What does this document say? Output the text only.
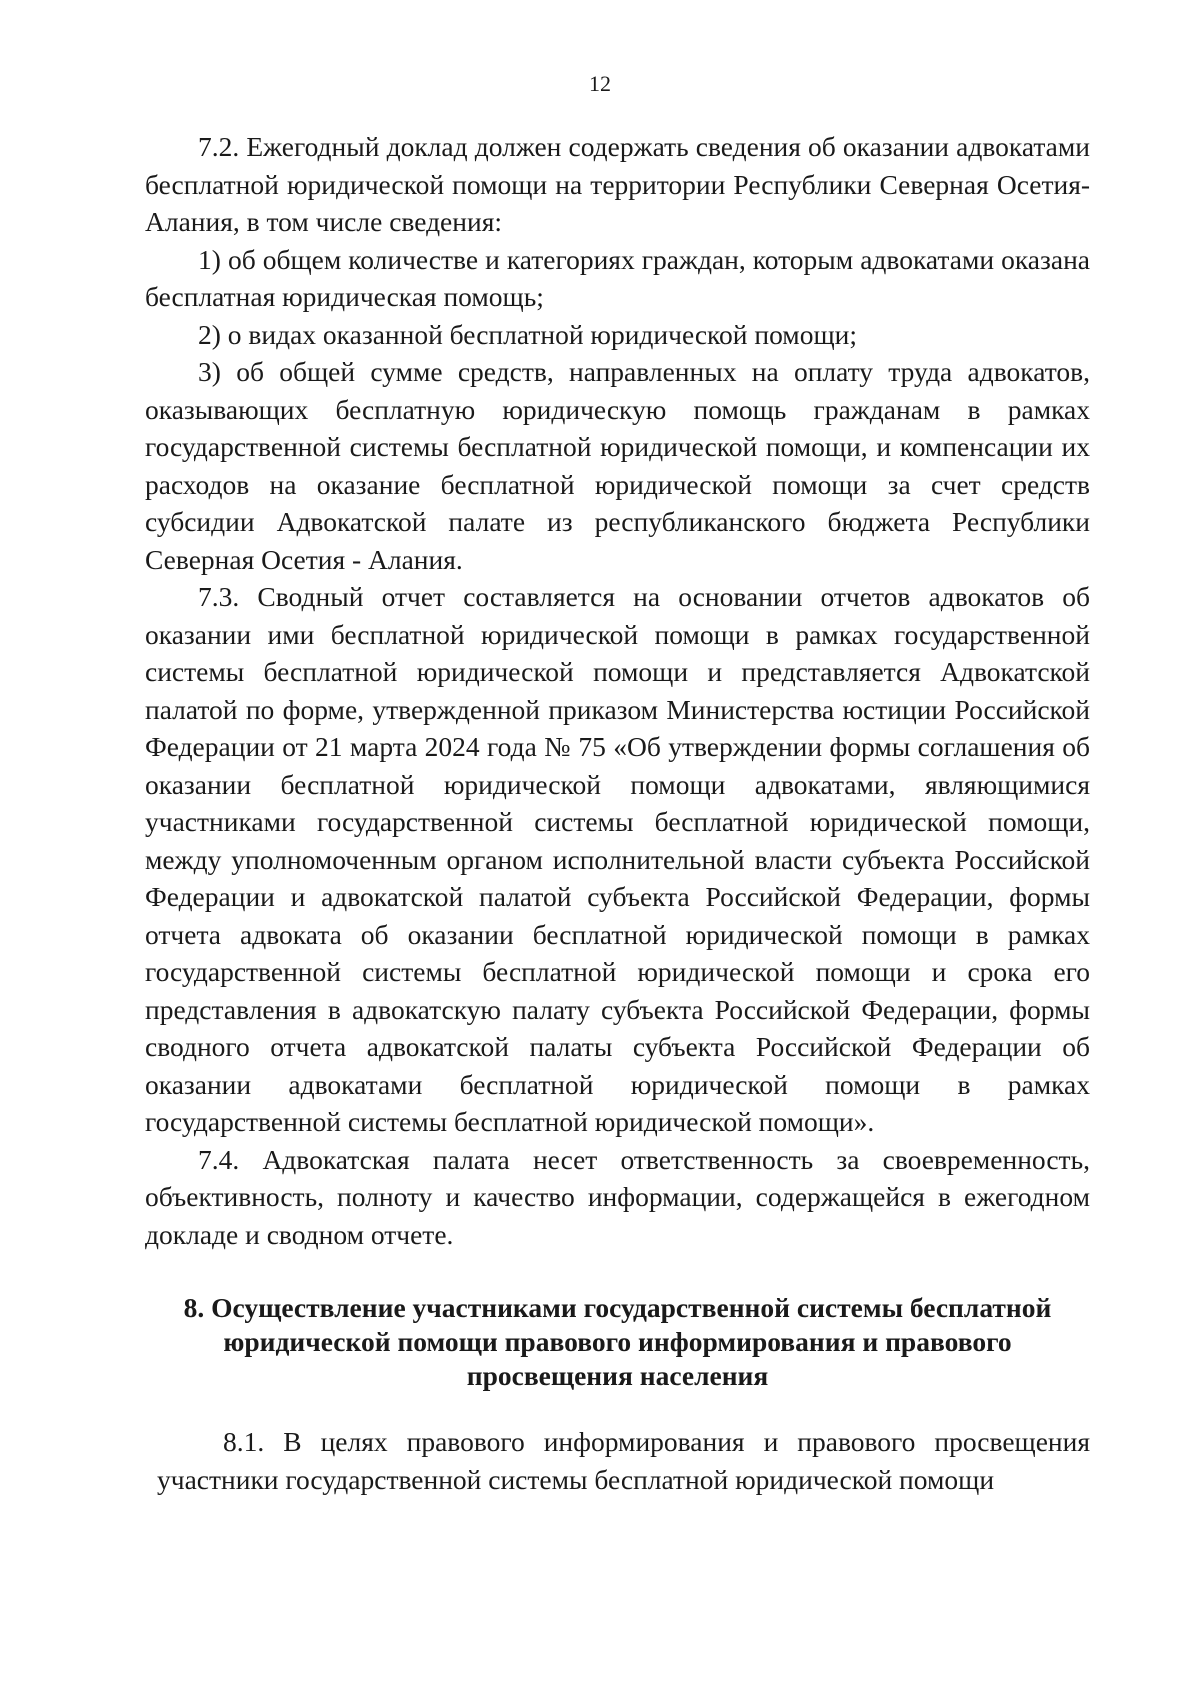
12

7.2. Ежегодный доклад должен содержать сведения об оказании адвокатами бесплатной юридической помощи на территории Республики Северная Осетия-Алания, в том числе сведения:

1) об общем количестве и категориях граждан, которым адвокатами оказана бесплатная юридическая помощь;

2) о видах оказанной бесплатной юридической помощи;

3) об общей сумме средств, направленных на оплату труда адвокатов, оказывающих бесплатную юридическую помощь гражданам в рамках государственной системы бесплатной юридической помощи, и компенсации их расходов на оказание бесплатной юридической помощи за счет средств субсидии Адвокатской палате из республиканского бюджета Республики Северная Осетия - Алания.

7.3. Сводный отчет составляется на основании отчетов адвокатов об оказании ими бесплатной юридической помощи в рамках государственной системы бесплатной юридической помощи и представляется Адвокатской палатой по форме, утвержденной приказом Министерства юстиции Российской Федерации от 21 марта 2024 года № 75 «Об утверждении формы соглашения об оказании бесплатной юридической помощи адвокатами, являющимися участниками государственной системы бесплатной юридической помощи, между уполномоченным органом исполнительной власти субъекта Российской Федерации и адвокатской палатой субъекта Российской Федерации, формы отчета адвоката об оказании бесплатной юридической помощи в рамках государственной системы бесплатной юридической помощи и срока его представления в адвокатскую палату субъекта Российской Федерации, формы сводного отчета адвокатской палаты субъекта Российской Федерации об оказании адвокатами бесплатной юридической помощи в рамках государственной системы бесплатной юридической помощи».

7.4. Адвокатская палата несет ответственность за своевременность, объективность, полноту и качество информации, содержащейся в ежегодном докладе и сводном отчете.

8. Осуществление участниками государственной системы бесплатной юридической помощи правового информирования и правового просвещения населения

8.1. В целях правового информирования и правового просвещения участники государственной системы бесплатной юридической помощи
